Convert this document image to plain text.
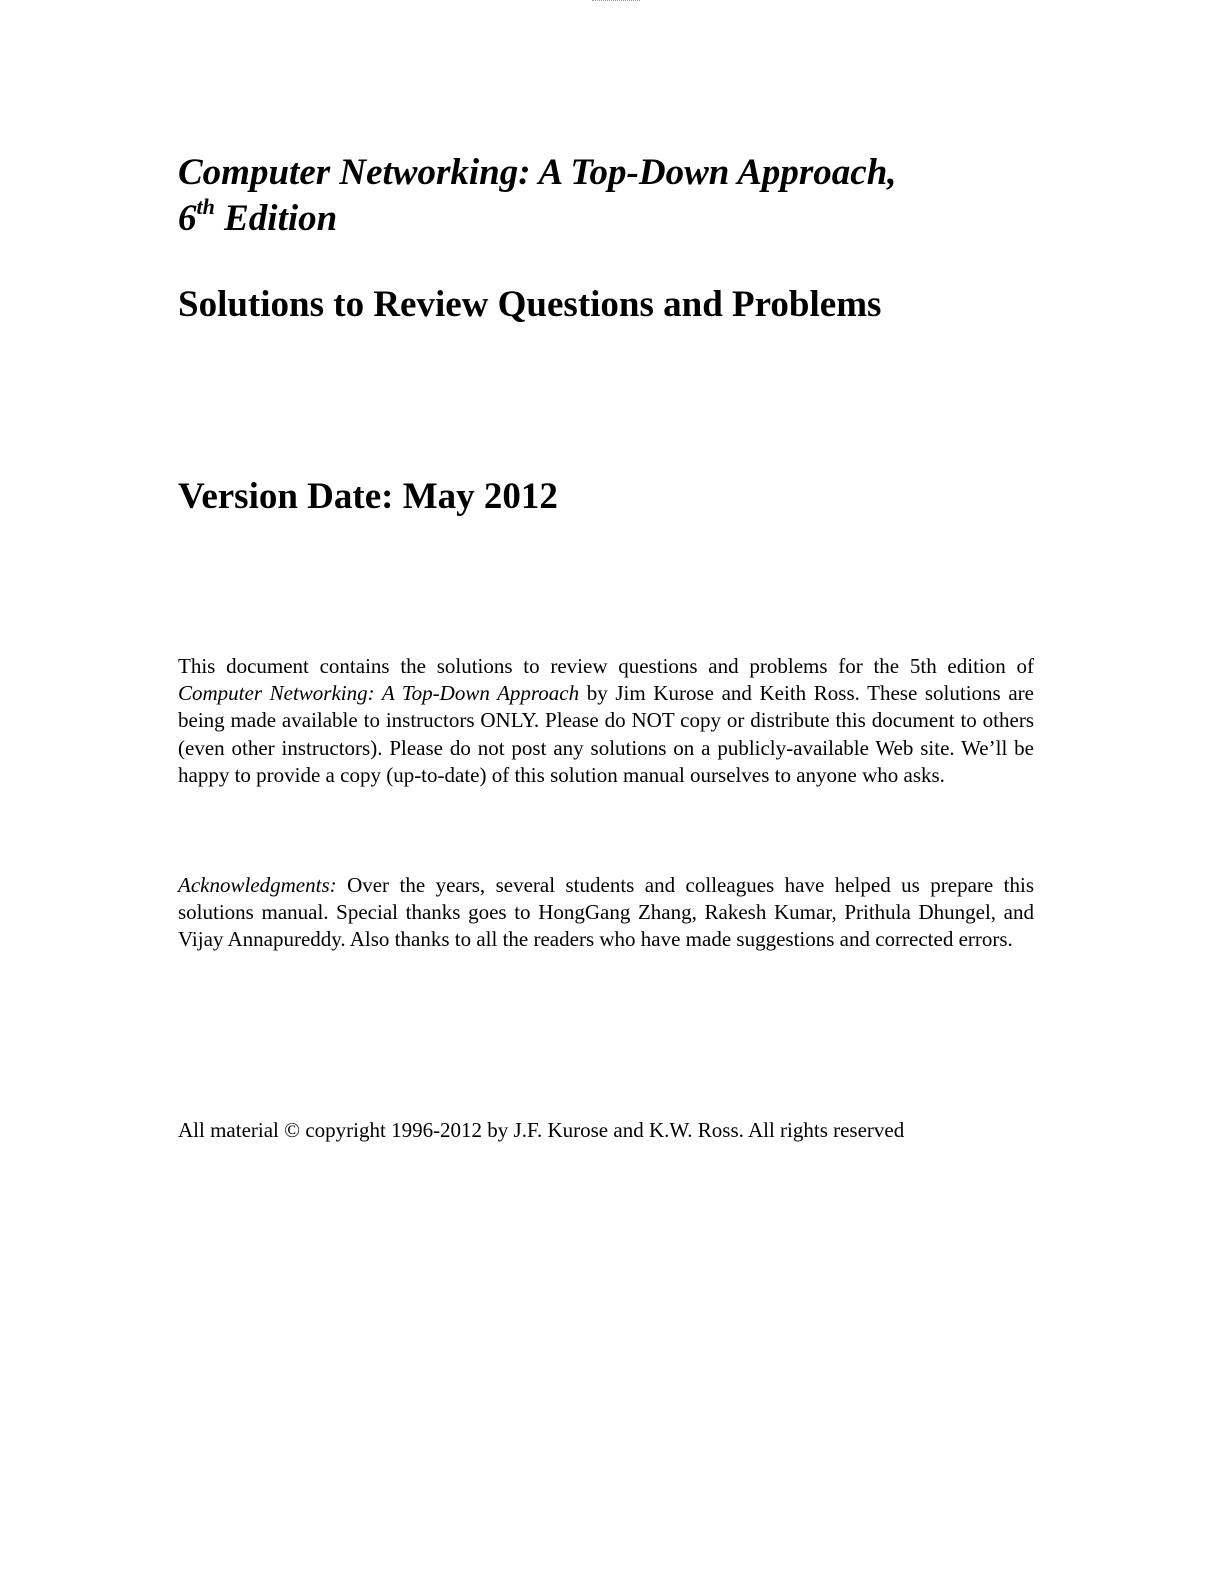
Computer Networking: A Top-Down Approach,
6th Edition
Solutions to Review Questions and Problems
Version Date: May 2012

This document contains the solutions to review questions and problems for the 5th edition of Computer Networking: A Top-Down Approach by Jim Kurose and Keith Ross. These solutions are being made available to instructors ONLY. Please do NOT copy or distribute this document to others (even other instructors). Please do not post any solutions on a publicly-available Web site. We’ll be happy to provide a copy (up-to-date) of this solution manual ourselves to anyone who asks.

Acknowledgments: Over the years, several students and colleagues have helped us prepare this solutions manual. Special thanks goes to HongGang Zhang, Rakesh Kumar, Prithula Dhungel, and Vijay Annapureddy. Also thanks to all the readers who have made suggestions and corrected errors.

All material © copyright 1996-2012 by J.F. Kurose and K.W. Ross. All rights reserved
